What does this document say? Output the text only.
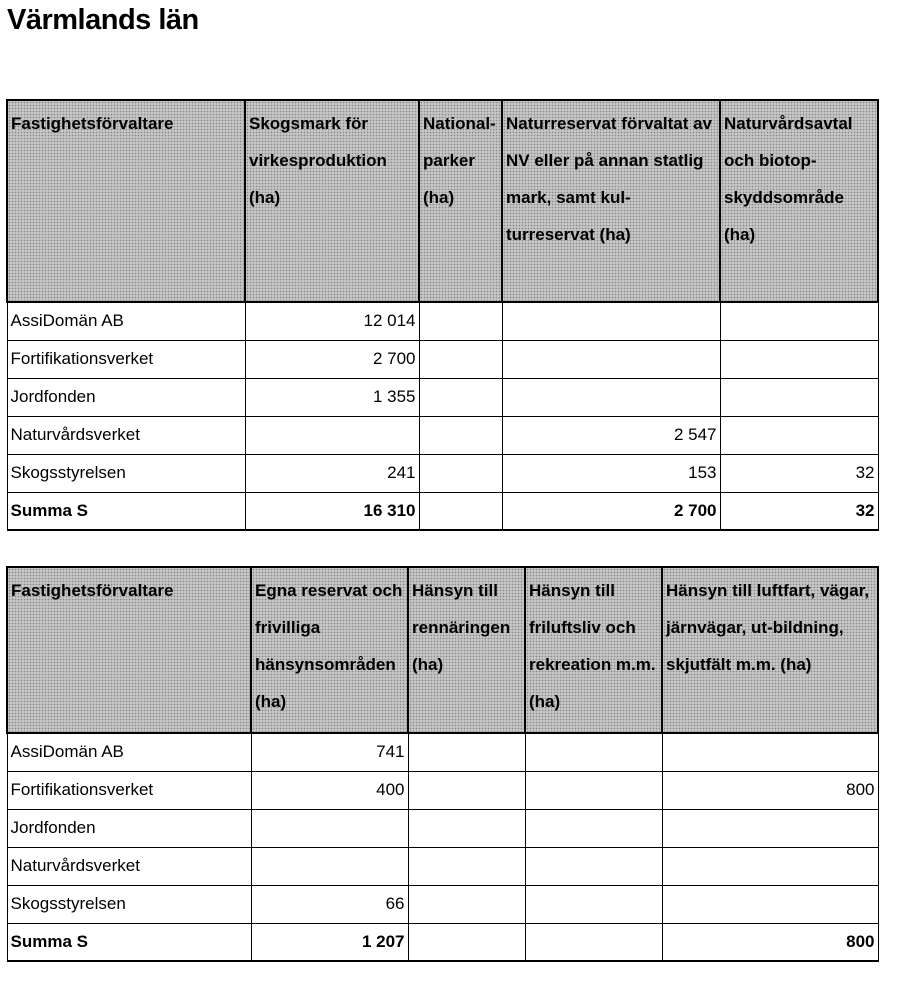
Värmlands län
Fastighetsförvaltare	Skogsmark för virkesproduktion (ha)	National-parker (ha)	Naturreservat förvaltat av NV eller på annan statlig mark, samt kul-turreservat (ha)	Naturvårdsavtal och biotop-skyddsområde (ha)
AssiDomän AB	12 014			
Fortifikationsverket	2 700			
Jordfonden	1 355			
Naturvårdsverket			2 547	
Skogsstyrelsen	241		153	32
Summa S	16 310		2 700	32
Fastighetsförvaltare	Egna reservat och frivilliga hänsynsområden (ha)	Hänsyn till rennäringen (ha)	Hänsyn till friluftsliv och rekreation m.m. (ha)	Hänsyn till luftfart, vägar, järnvägar, ut-bildning, skjutfält m.m. (ha)
AssiDomän AB	741			
Fortifikationsverket	400			800
Jordfonden				
Naturvårdsverket				
Skogsstyrelsen	66			
Summa S	1 207			800
